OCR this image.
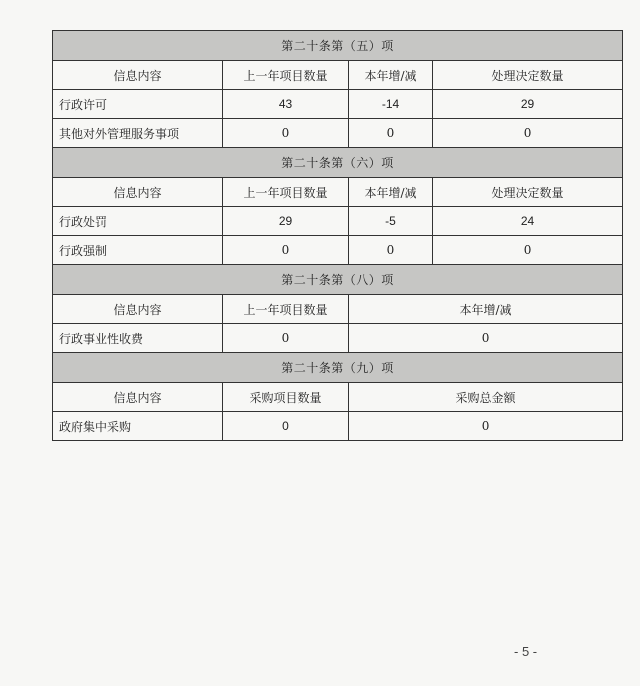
第二十条第（五）项			
信息内容	上一年项目数量	本年增/减	处理决定数量
行政许可	43	-14	29
其他对外管理服务事项	0	0	0
第二十条第（六）项			
信息内容	上一年项目数量	本年增/减	处理决定数量
行政处罚	29	-5	24
行政强制	0	0	0
第二十条第（八）项			
信息内容	上一年项目数量	本年增/减	
行政事业性收费	0	0	
第二十条第（九）项			
信息内容	采购项目数量	采购总金额	
政府集中采购	0	0	
- 5 -
